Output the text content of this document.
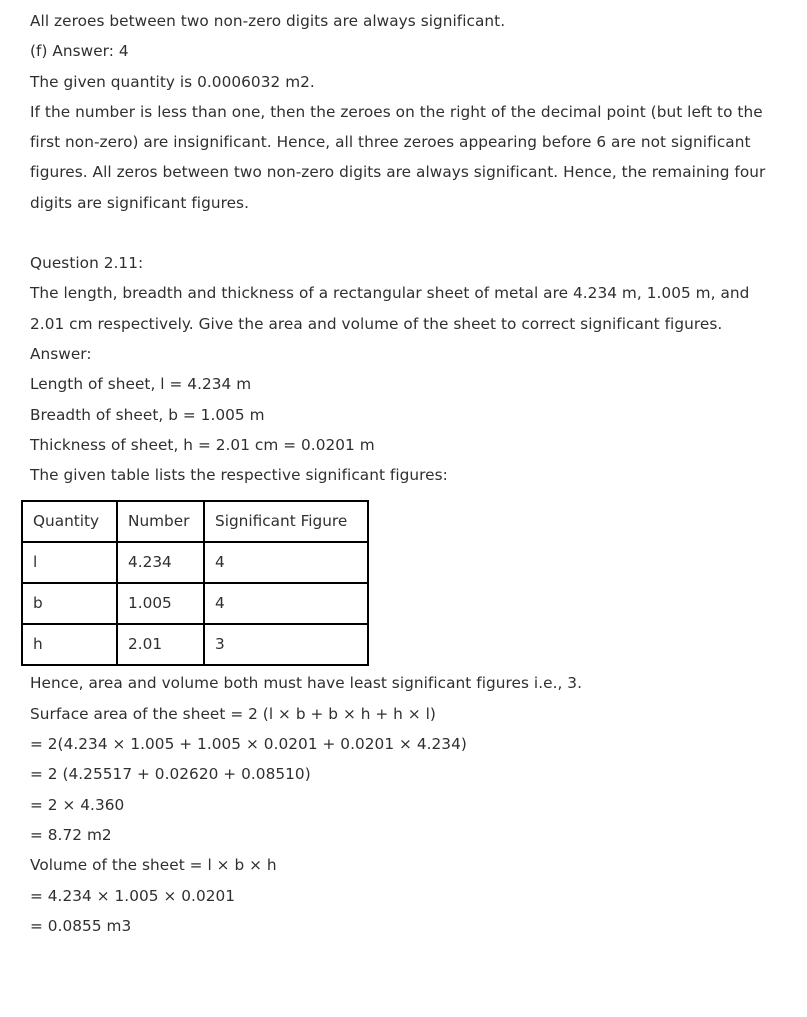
All zeroes between two non-zero digits are always significant.
(f) Answer: 4
The given quantity is 0.0006032 m2.
If the number is less than one, then the zeroes on the right of the decimal point (but left to the first non-zero) are insignificant. Hence, all three zeroes appearing before 6 are not significant figures. All zeros between two non-zero digits are always significant. Hence, the remaining four digits are significant figures.
Question 2.11:
The length, breadth and thickness of a rectangular sheet of metal are 4.234 m, 1.005 m, and 2.01 cm respectively. Give the area and volume of the sheet to correct significant figures.
Answer:
Length of sheet, l = 4.234 m
Breadth of sheet, b = 1.005 m
Thickness of sheet, h = 2.01 cm = 0.0201 m
The given table lists the respective significant figures:
Quantity	Number	Significant Figure
l	4.234	4
b	1.005	4
h	2.01	3
Hence, area and volume both must have least significant figures i.e., 3.
Surface area of the sheet = 2 (l × b + b × h + h × l)
= 2(4.234 × 1.005 + 1.005 × 0.0201 + 0.0201 × 4.234)
= 2 (4.25517 + 0.02620 + 0.08510)
= 2 × 4.360
= 8.72 m2
Volume of the sheet = l × b × h
= 4.234 × 1.005 × 0.0201
= 0.0855 m3
